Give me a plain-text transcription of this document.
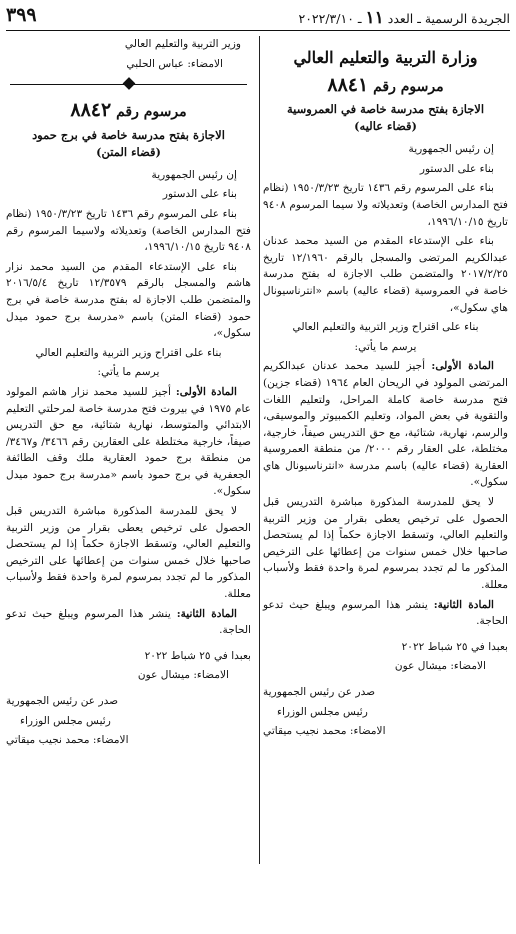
الجريدة الرسمية ـ العدد ١١ ـ ٢٠٢٢/٣/١٠
٣٩٩
وزارة التربية والتعليم العالي
مرسوم رقم ٨٨٤١
الاجازة بفتح مدرسة خاصة في العمروسية
(قضاء عاليه)

إن رئيس الجمهورية

بناء على الدستور

بناء على المرسوم رقم ١٤٣٦ تاريخ ١٩٥٠/٣/٢٣ (نظام فتح المدارس الخاصة) وتعديلاته ولا سيما المرسوم ٩٤٠٨ تاريخ ١٩٩٦/١٠/١٥،

بناء على الإستدعاء المقدم من السيد محمد عدنان عبدالكريم المرتضى والمسجل بالرقم ١٢/١٩٦٠ تاريخ ٢٠١٧/٢/٢٥ والمتضمن طلب الاجازة له بفتح مدرسة خاصة في العمروسية (قضاء عاليه) باسم «انترناسيونال هاي سكول»،

بناء على اقتراح وزير التربية والتعليم العالي

يرسم ما يأتي:

المادة الأولى: أجيز للسيد محمد عدنان عبدالكريم المرتضى المولود في الريحان العام ١٩٦٤ (قضاء جزين) فتح مدرسة خاصة كاملة المراحل، ولتعليم اللغات والتقوية في بعض المواد، وتعليم الكمبيوتر والموسيقى، والرسم، نهارية، شتائية، مع حق التدريس صيفاً، خارجية، مختلطة، على العقار رقم ٢٠٠٠/ من منطقة العمروسية العقارية (قضاء عاليه) باسم مدرسة «انترناسيونال هاي سكول».

لا يحق للمدرسة المذكورة مباشرة التدريس قبل الحصول على ترخيص يعطى بقرار من وزير التربية والتعليم العالي، وتسقط الاجازة حكماً إذا لم يستحصل صاحبها خلال خمس سنوات من إعطائها على الترخيص المذكور ما لم تجدد بمرسوم لمرة واحدة فقط ولأسباب معللة.

المادة الثانية: ينشر هذا المرسوم ويبلغ حيث تدعو الحاجة.

بعبدا في ٢٥ شباط ٢٠٢٢

الامضاء: ميشال عون

صدر عن رئيس الجمهورية

رئيس مجلس الوزراء

الامضاء: محمد نجيب ميقاتي

وزير التربية والتعليم العالي

الامضاء: عباس الحلبي

مرسوم رقم ٨٨٤٢
الاجازة بفتح مدرسة خاصة في برج حمود
(قضاء المتن)

إن رئيس الجمهورية

بناء على الدستور

بناء على المرسوم رقم ١٤٣٦ تاريخ ١٩٥٠/٣/٢٣ (نظام فتح المدارس الخاصة) وتعديلاته ولاسيما المرسوم رقم ٩٤٠٨ تاريخ ١٩٩٦/١٠/١٥،

بناء على الإستدعاء المقدم من السيد محمد نزار هاشم والمسجل بالرقم ١٢/٣٥٧٩ تاريخ ٢٠١٦/٥/٤ والمتضمن طلب الاجازة له بفتح مدرسة خاصة في برج حمود (قضاء المتن) باسم «مدرسة برج حمود ميدل سكول»،

بناء على اقتراح وزير التربية والتعليم العالي

يرسم ما يأتي:

المادة الأولى: أجيز للسيد محمد نزار هاشم المولود عام ١٩٧٥ في بيروت فتح مدرسة خاصة لمرحلتي التعليم الابتدائي والمتوسط، نهارية شتائية، مع حق التدريس صيفاً، خارجية مختلطة على العقارين رقم ٣٤٦٦/ و٣٤٦٧/ من منطقة برج حمود العقارية ملك وقف الطائفة الجعفرية في برج حمود باسم «مدرسة برج حمود ميدل سكول».

لا يحق للمدرسة المذكورة مباشرة التدريس قبل الحصول على ترخيص يعطى بقرار من وزير التربية والتعليم العالي، وتسقط الاجازة حكماً إذا لم يستحصل صاحبها خلال خمس سنوات من إعطائها على الترخيص المذكور ما لم تجدد بمرسوم لمرة واحدة فقط ولأسباب معللة.

المادة الثانية: ينشر هذا المرسوم ويبلغ حيث تدعو الحاجة.

بعبدا في ٢٥ شباط ٢٠٢٢

الامضاء: ميشال عون

صدر عن رئيس الجمهورية

رئيس مجلس الوزراء

الامضاء: محمد نجيب ميقاتي
